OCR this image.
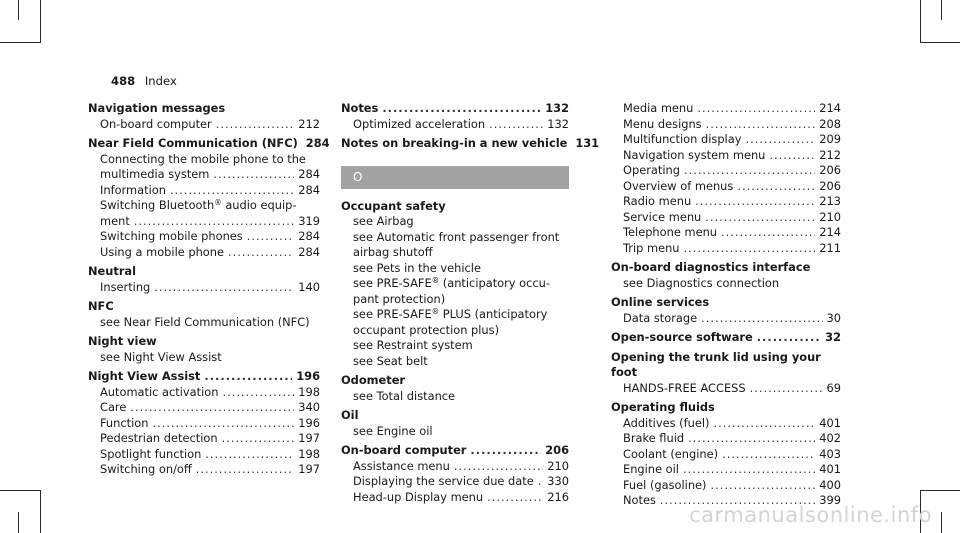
488 Index
Navigation messages
On-board computer .....	212
Near Field Communication (NFC) 284
Connecting the mobile phone to the
multimedia system .....	284
Information .....	284
Switching Bluetooth® audio equip-
ment .....	319
Switching mobile phones .....	284
Using a mobile phone .....	284
Neutral
Inserting .....	140
NFC
see Near Field Communication (NFC)
Night view
see Night View Assist
Night View Assist .....	196
Automatic activation .....	198
Care .....	340
Function .....	196
Pedestrian detection .....	197
Spotlight function .....	198
Switching on/off .....	197
Notes .....	132
Optimized acceleration .....	132
Notes on breaking-in a new vehicle 131
O
Occupant safety
see Airbag
see Automatic front passenger front
airbag shutoff
see Pets in the vehicle
see PRE-SAFE® (anticipatory occu-
pant protection)
see PRE-SAFE® PLUS (anticipatory
occupant protection plus)
see Restraint system
see Seat belt
Odometer
see Total distance
Oil
see Engine oil
On-board computer .....	206
Assistance menu .....	210
Displaying the service due date ..... 330
Head-up Display menu .....	216
Media menu .....	214
Menu designs .....	208
Multifunction display .....	209
Navigation system menu .....	212
Operating .....	206
Overview of menus .....	206
Radio menu .....	213
Service menu .....	210
Telephone menu .....	214
Trip menu .....	211
On-board diagnostics interface
see Diagnostics connection
Online services
Data storage .....	30
Open-source software .....	32
Opening the trunk lid using your foot
HANDS-FREE ACCESS .....	69
Operating fluids
Additives (fuel) .....	401
Brake fluid .....	402
Coolant (engine) .....	403
Engine oil .....	401
Fuel (gasoline) .....	400
Notes .....	399
carmanualsonline.info
